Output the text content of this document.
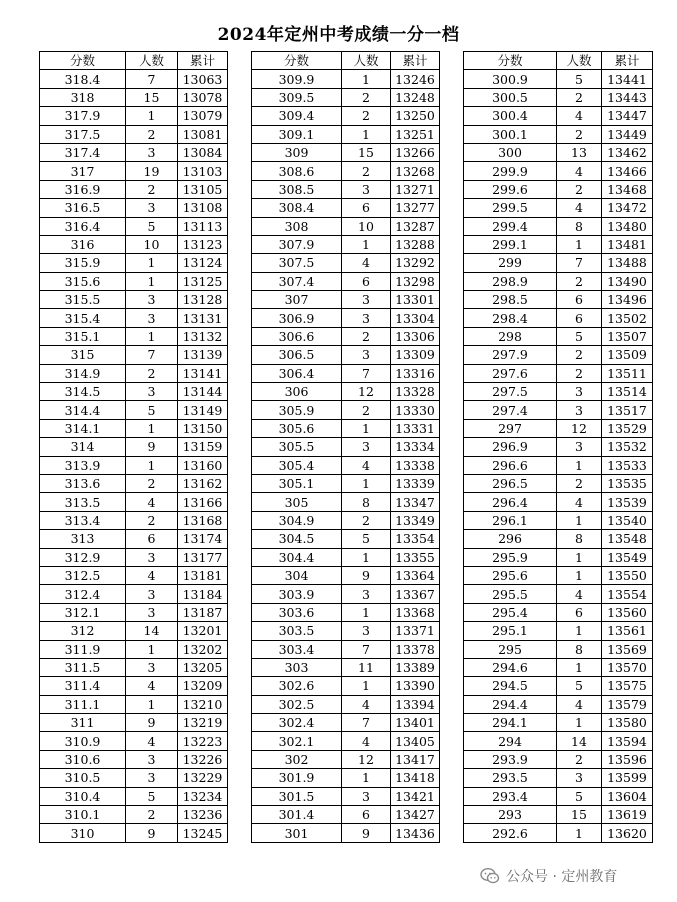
2024年定州中考成绩一分一档
分数	人数	累计
318.4	7	13063
318	15	13078
317.9	1	13079
317.5	2	13081
317.4	3	13084
317	19	13103
316.9	2	13105
316.5	3	13108
316.4	5	13113
316	10	13123
315.9	1	13124
315.6	1	13125
315.5	3	13128
315.4	3	13131
315.1	1	13132
315	7	13139
314.9	2	13141
314.5	3	13144
314.4	5	13149
314.1	1	13150
314	9	13159
313.9	1	13160
313.6	2	13162
313.5	4	13166
313.4	2	13168
313	6	13174
312.9	3	13177
312.5	4	13181
312.4	3	13184
312.1	3	13187
312	14	13201
311.9	1	13202
311.5	3	13205
311.4	4	13209
311.1	1	13210
311	9	13219
310.9	4	13223
310.6	3	13226
310.5	3	13229
310.4	5	13234
310.1	2	13236
310	9	13245
分数	人数	累计
309.9	1	13246
309.5	2	13248
309.4	2	13250
309.1	1	13251
309	15	13266
308.6	2	13268
308.5	3	13271
308.4	6	13277
308	10	13287
307.9	1	13288
307.5	4	13292
307.4	6	13298
307	3	13301
306.9	3	13304
306.6	2	13306
306.5	3	13309
306.4	7	13316
306	12	13328
305.9	2	13330
305.6	1	13331
305.5	3	13334
305.4	4	13338
305.1	1	13339
305	8	13347
304.9	2	13349
304.5	5	13354
304.4	1	13355
304	9	13364
303.9	3	13367
303.6	1	13368
303.5	3	13371
303.4	7	13378
303	11	13389
302.6	1	13390
302.5	4	13394
302.4	7	13401
302.1	4	13405
302	12	13417
301.9	1	13418
301.5	3	13421
301.4	6	13427
301	9	13436
分数	人数	累计
300.9	5	13441
300.5	2	13443
300.4	4	13447
300.1	2	13449
300	13	13462
299.9	4	13466
299.6	2	13468
299.5	4	13472
299.4	8	13480
299.1	1	13481
299	7	13488
298.9	2	13490
298.5	6	13496
298.4	6	13502
298	5	13507
297.9	2	13509
297.6	2	13511
297.5	3	13514
297.4	3	13517
297	12	13529
296.9	3	13532
296.6	1	13533
296.5	2	13535
296.4	4	13539
296.1	1	13540
296	8	13548
295.9	1	13549
295.6	1	13550
295.5	4	13554
295.4	6	13560
295.1	1	13561
295	8	13569
294.6	1	13570
294.5	5	13575
294.4	4	13579
294.1	1	13580
294	14	13594
293.9	2	13596
293.5	3	13599
293.4	5	13604
293	15	13619
292.6	1	13620
公众号 · 定州教育
